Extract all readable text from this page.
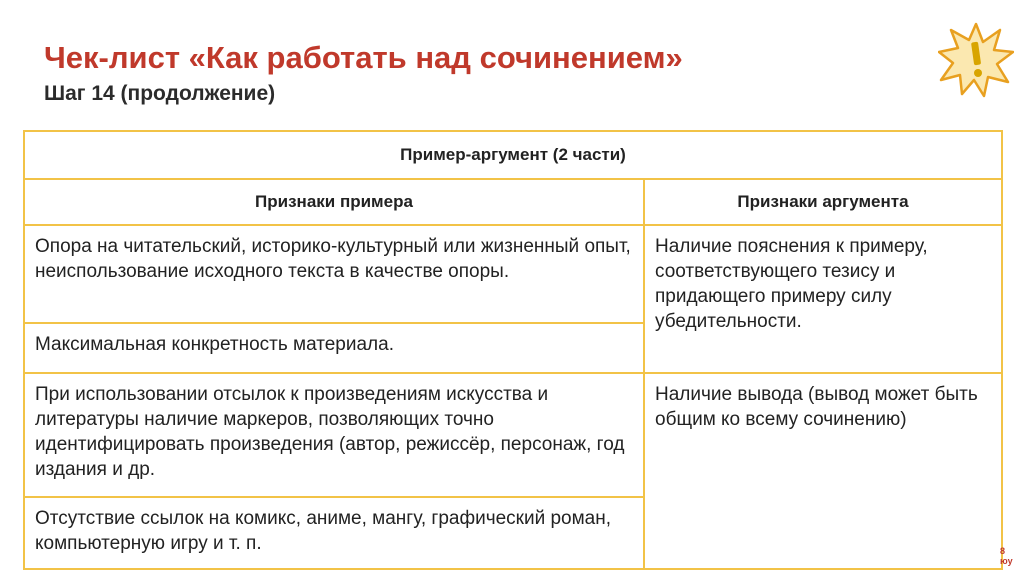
Чек-лист «Как работать над сочинением»
Шаг 14 (продолжение)
Пример-аргумент (2 части)	
Признаки примера	Признаки аргумента
Опора на читательский, историко-культурный или жизненный опыт, неиспользование исходного текста в качестве опоры.	Наличие пояснения к примеру, соответствующего тезису и придающего примеру силу убедительности.
Максимальная конкретность материала.	
При использовании отсылок к произведениям искусства и литературы наличие маркеров, позволяющих точно идентифицировать произведения (автор, режиссёр, персонаж, год издания и др.	Наличие вывода (вывод может быть общим ко всему сочинению)
Отсутствие ссылок на комикс, аниме, мангу, графический роман, компьютерную игру и т. п.		8
юу
